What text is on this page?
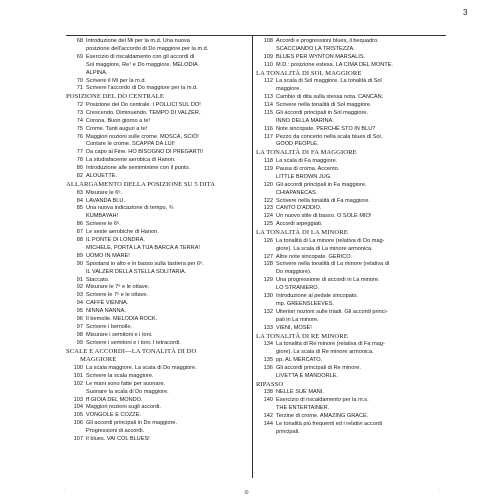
3
68 Introduzione del Mi per la m.d. Una nuova
posizione dell'accordo di Do maggiore per la m.d.
69 Esercizio di riscaldamento con gli accordi di
Sol maggiore, Re⁷ e Do maggiore. MELODIA
ALPINA.
70 Scrivere il Mi per la m.d.
71 Scrivere l'accordo di Do maggiore per la m.d.
POSIZIONE DEL DO CENTRALE
72 Posizione del Do centrale. I POLLICI SUL DO!
73 Crescendo. Diminuendo. TEMPO DI VALZER.
74 Corona. Buon giorno a te!
75 Crome. Tanti auguri a te!
76 Maggiori nozioni sulle crome. MOSCA, SCIÒ!
Contare le crome. SCAPPA DA LUI!
77 Da capo al Fine. HO BISOGNO DI PREGARTI!
78 La studiafacente aerobica di Hanon.
80 Introduzione alle semiminime con il punto.
82 ALOUETTE.
ALLARGAMENTO DELLA POSIZIONE SU 5 DITA
83 Misurare le 6ᵉ.
84 LAVANDA BLU.
85 Una nuova indicazione di tempo, ¾
KUMBAYAH!
86 Scrivere le 6ᵉ.
87 Le seste aerobiche di Hanon.
88 IL PONTE DI LONDRA.
MICHELE, PORTA LA TUA BARCA A TERRA!
89 UOMO IN MARE!
90 Spostarsi in alto e in basso sulla tastiera per 6ᵉ.
IL VALZER DELLA STELLA SOLITARIA.
91 Staccato.
92 Misurare le 7ᵉ e le ottave.
93 Scrivere le 7ᵉ e le ottave.
94 CAFFÈ VIENNA.
95 NINNA NANNA.
96 Il bemolle. MELODIA ROCK.
97 Scrivere i bemolle.
98 Misurare i semitoni e i toni.
99 Scrivere i semitoni e i toni. I tetracordi.
SCALE E ACCORDI—LA TONALITÀ DI DO
MAGGIORE
100 La scala maggiore. La scala di Do maggiore.
101 Scrivere la scala maggiore.
102 Le mani sono fatte per suonare.
Suonare la scala di Do maggiore.
103 ff GIOIA DEL MONDO.
104 Maggiori nozioni sugli accordi.
105 VONGOLE E COZZE.
106 Gli accordi principali in Do maggiore.
Progressioni di accordi.
107 Il blues. VAI COL BLUES!
108 Accordi e progressioni blues, il bequadro.
SCACCIANDO LA TRISTEZZA.
109 BLUES PER WYNTON MARSALIS.
110 M.D.: posizione estesa. LA CIMA DEL MONTE.
LA TONALITÀ DI SOL MAGGIORE
112 La scala di Sol maggiore. La tonalità di Sol
maggiore.
113 Cambio di dita sulla stessa nota. CANCAN.
114 Scrivere nella tonalità di Sol maggiore.
115 Gli accordi principali in Sol maggiore.
INNO DELLA MARINA.
116 Note sincopate. PERCHÉ STO IN BLU?
117 Pezzo da concerto nella scala blues di Sol.
GOOD PEOPLE.
LA TONALITÀ DI FA MAGGIORE
118 La scala di Fa maggiore.
119 Pausa di croma. Accento.
LITTLE BROWN JUG.
120 Gli accordi principali in Fa maggiore.
CHIAPANECAS.
122 Scrivere nella tonalità di Fa maggiore.
123 CANTO D'ADDIO.
124 Un nuovo stile di basso. O SOLE MIO!
125 Accordi arpeggiati.
LA TONALITÀ DI LA MINORE
126 La tonalità di La minore (relativa di Do mag-
giore). La scala di La minore armonica.
127 Altre note sincopate. GERICO.
128 Scrivere nella tonalità di La minore (relativa di
Do maggiore).
129 Una progressione di accordi in La minore.
LO STRANIERO.
130 Introduzione al pedale sincopato.
mp. GREENSLEEVES.
132 Ulteriori nozioni sulle triadi. Gli accordi princi-
pali in La minore.
133 VIENI, MOSÈ!
LA TONALITÀ DI RE MINORE
134 La tonalità di Re minore (relativa di Fa mag-
giore). La scala di Re minore armonica.
135 pp. AL MERCATO.
136 Gli accordi principali di Re minore.
LIVETTA E MANDORLE.
RIPASSO
138 NELLE SUE MANI.
140 Esercizio di riscaldamento per la m.s.
THE ENTERTAINER.
142 Terzine di crome. AMAZING GRACE.
144 Le tonalità più frequenti ed i relativi accordi
principali.
ˈ	⊕	ˈ
